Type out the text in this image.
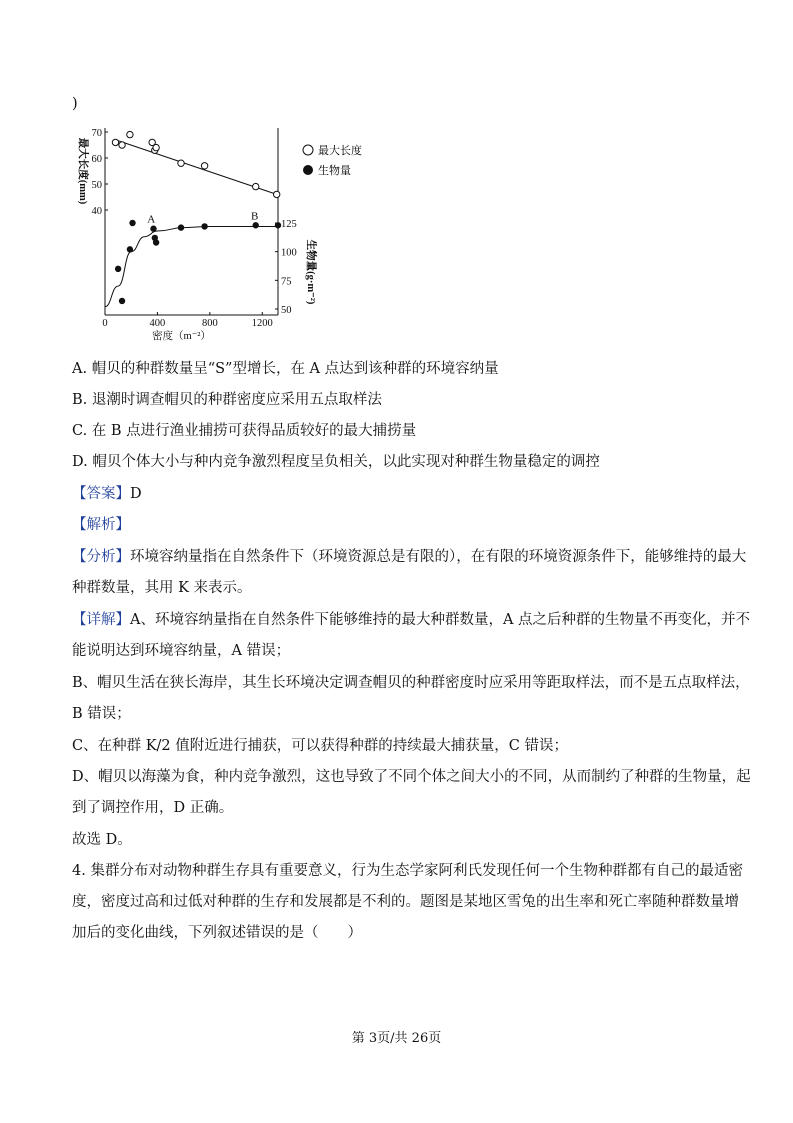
)
0	400	800	1200
40
50
60
70
50
75
100
125
密度（m⁻²）
最大长度(mm)
生物量(g·m⁻²)
A	B
最大长度
生物量
A. 帽贝的种群数量呈“S”型增长，在 A 点达到该种群的环境容纳量
B. 退潮时调查帽贝的种群密度应采用五点取样法
C. 在 B 点进行渔业捕捞可获得品质较好的最大捕捞量
D. 帽贝个体大小与种内竞争激烈程度呈负相关，以此实现对种群生物量稳定的调控
【答案】D
【解析】
【分析】环境容纳量指在自然条件下（环境资源总是有限的），在有限的环境资源条件下，能够维持的最大
种群数量，其用 K 来表示。
【详解】A、环境容纳量指在自然条件下能够维持的最大种群数量，A 点之后种群的生物量不再变化，并不
能说明达到环境容纳量，A 错误；
B、帽贝生活在狭长海岸，其生长环境决定调查帽贝的种群密度时应采用等距取样法，而不是五点取样法，
B 错误；
C、在种群 K/2 值附近进行捕获，可以获得种群的持续最大捕获量，C 错误；
D、帽贝以海藻为食，种内竞争激烈，这也导致了不同个体之间大小的不同，从而制约了种群的生物量，起
到了调控作用，D 正确。
故选 D。
4. 集群分布对动物种群生存具有重要意义，行为生态学家阿利氏发现任何一个生物种群都有自己的最适密
度，密度过高和过低对种群的生存和发展都是不利的。题图是某地区雪兔的出生率和死亡率随种群数量增
加后的变化曲线，下列叙述错误的是（　　）
第 3页/共 26页
